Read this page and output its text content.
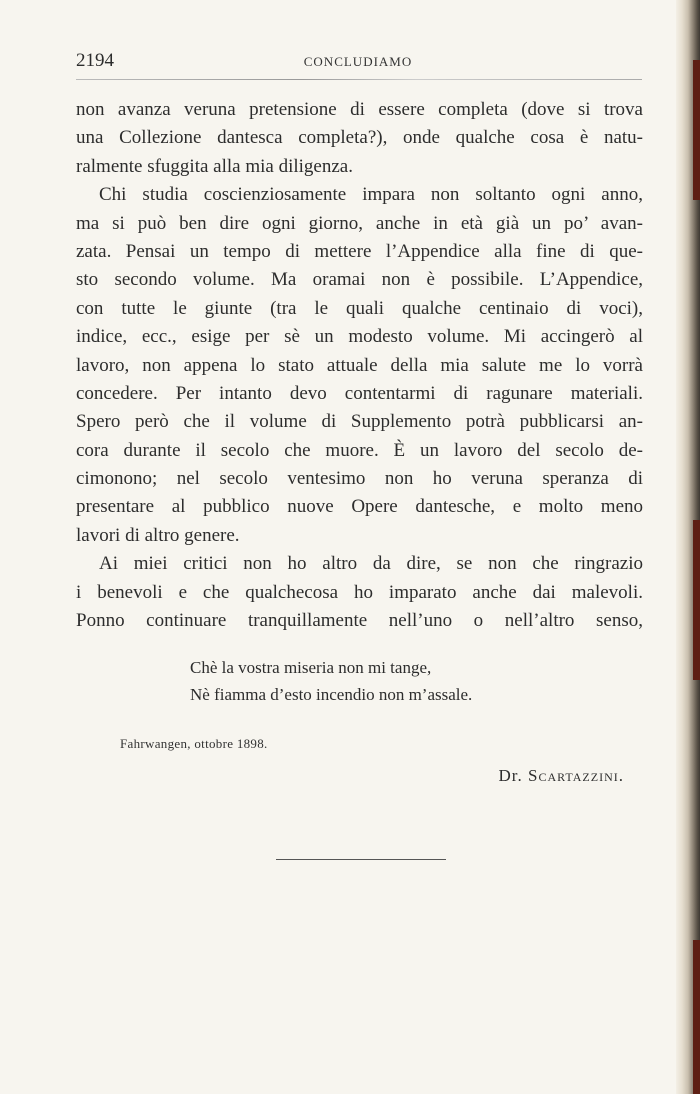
2194	CONCLUDIAMO
non avanza veruna pretensione di essere completa (dove si trova
una Collezione dantesca completa?), onde qualche cosa è natu-
ralmente sfuggita alla mia diligenza.
Chi studia coscienziosamente impara non soltanto ogni anno,
ma si può ben dire ogni giorno, anche in età già un po’ avan-
zata. Pensai un tempo di mettere l’Appendice alla fine di que-
sto secondo volume. Ma oramai non è possibile. L’Appendice,
con tutte le giunte (tra le quali qualche centinaio di voci),
indice, ecc., esige per sè un modesto volume. Mi accingerò al
lavoro, non appena lo stato attuale della mia salute me lo vorrà
concedere. Per intanto devo contentarmi di ragunare materiali.
Spero però che il volume di Supplemento potrà pubblicarsi an-
cora durante il secolo che muore. È un lavoro del secolo de-
cimonono; nel secolo ventesimo non ho veruna speranza di
presentare al pubblico nuove Opere dantesche, e molto meno
lavori di altro genere.
Ai miei critici non ho altro da dire, se non che ringrazio
i benevoli e che qualchecosa ho imparato anche dai malevoli.
Ponno continuare tranquillamente nell’uno o nell’altro senso,
Chè la vostra miseria non mi tange,
Nè fiamma d’esto incendio non m’assale.
Fahrwangen, ottobre 1898.
Dr. Scartazzini.
